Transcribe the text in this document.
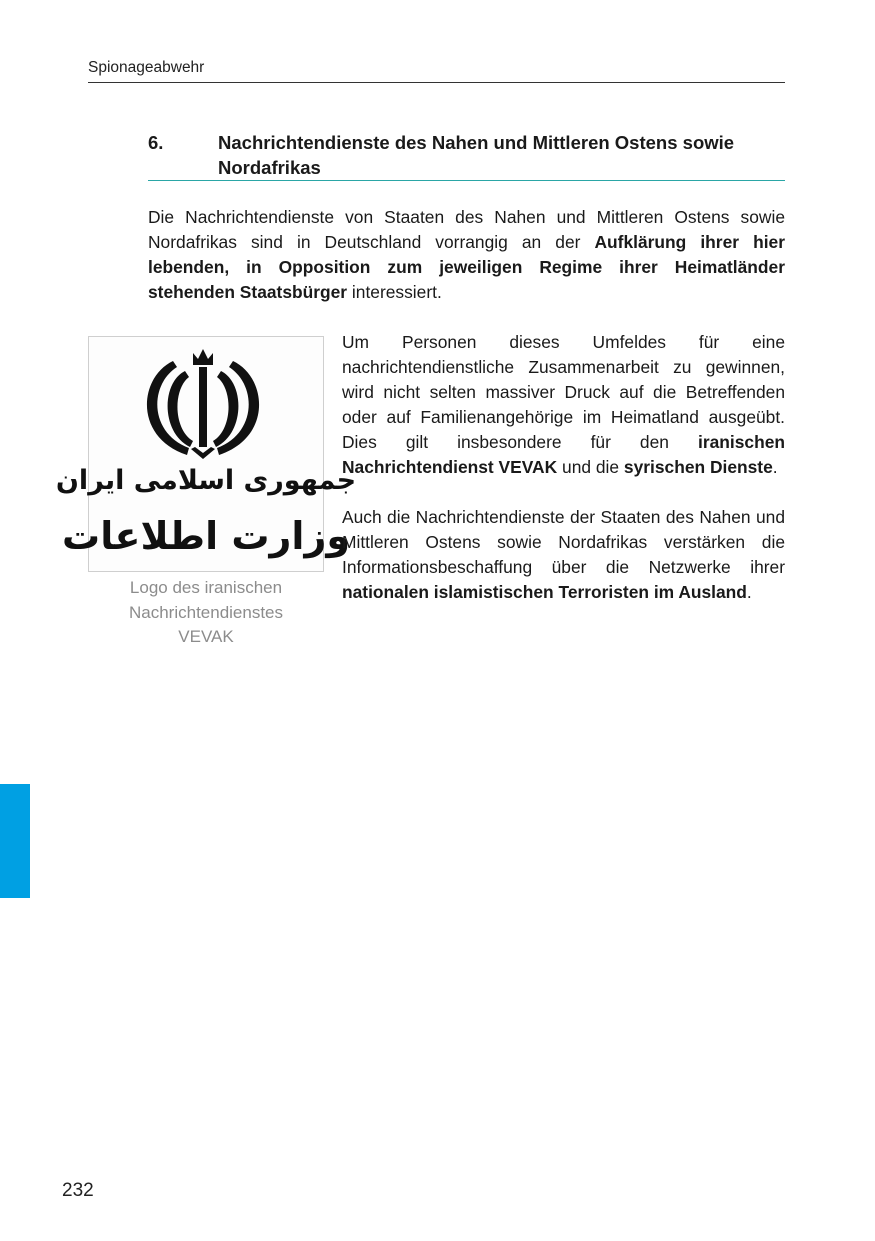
Spionageabwehr
6.	Nachrichtendienste des Nahen und Mittleren Ostens sowie Nordafrikas

Die Nachrichtendienste von Staaten des Nahen und Mittleren Ostens sowie Nordafrikas sind in Deutschland vorrangig an der Aufklärung ihrer hier lebenden, in Opposition zum jeweiligen Regime ihrer Heimatländer stehenden Staatsbürger interessiert.

جمهوری اسلامی ایران
وزارت اطلاعات
Logo des iranischen
Nachrichtendienstes
VEVAK

Um Personen dieses Umfeldes für eine nachrichtendienstliche Zusammenarbeit zu gewinnen, wird nicht selten massiver Druck auf die Betreffenden oder auf Familienangehörige im Heimatland ausgeübt. Dies gilt insbesondere für den iranischen Nachrichtendienst VEVAK und die syrischen Dienste.

Auch die Nachrichtendienste der Staaten des Nahen und Mittleren Ostens sowie Nordafrikas verstärken die Informationsbeschaffung über die Netzwerke ihrer nationalen islamistischen Terroristen im Ausland.

232
